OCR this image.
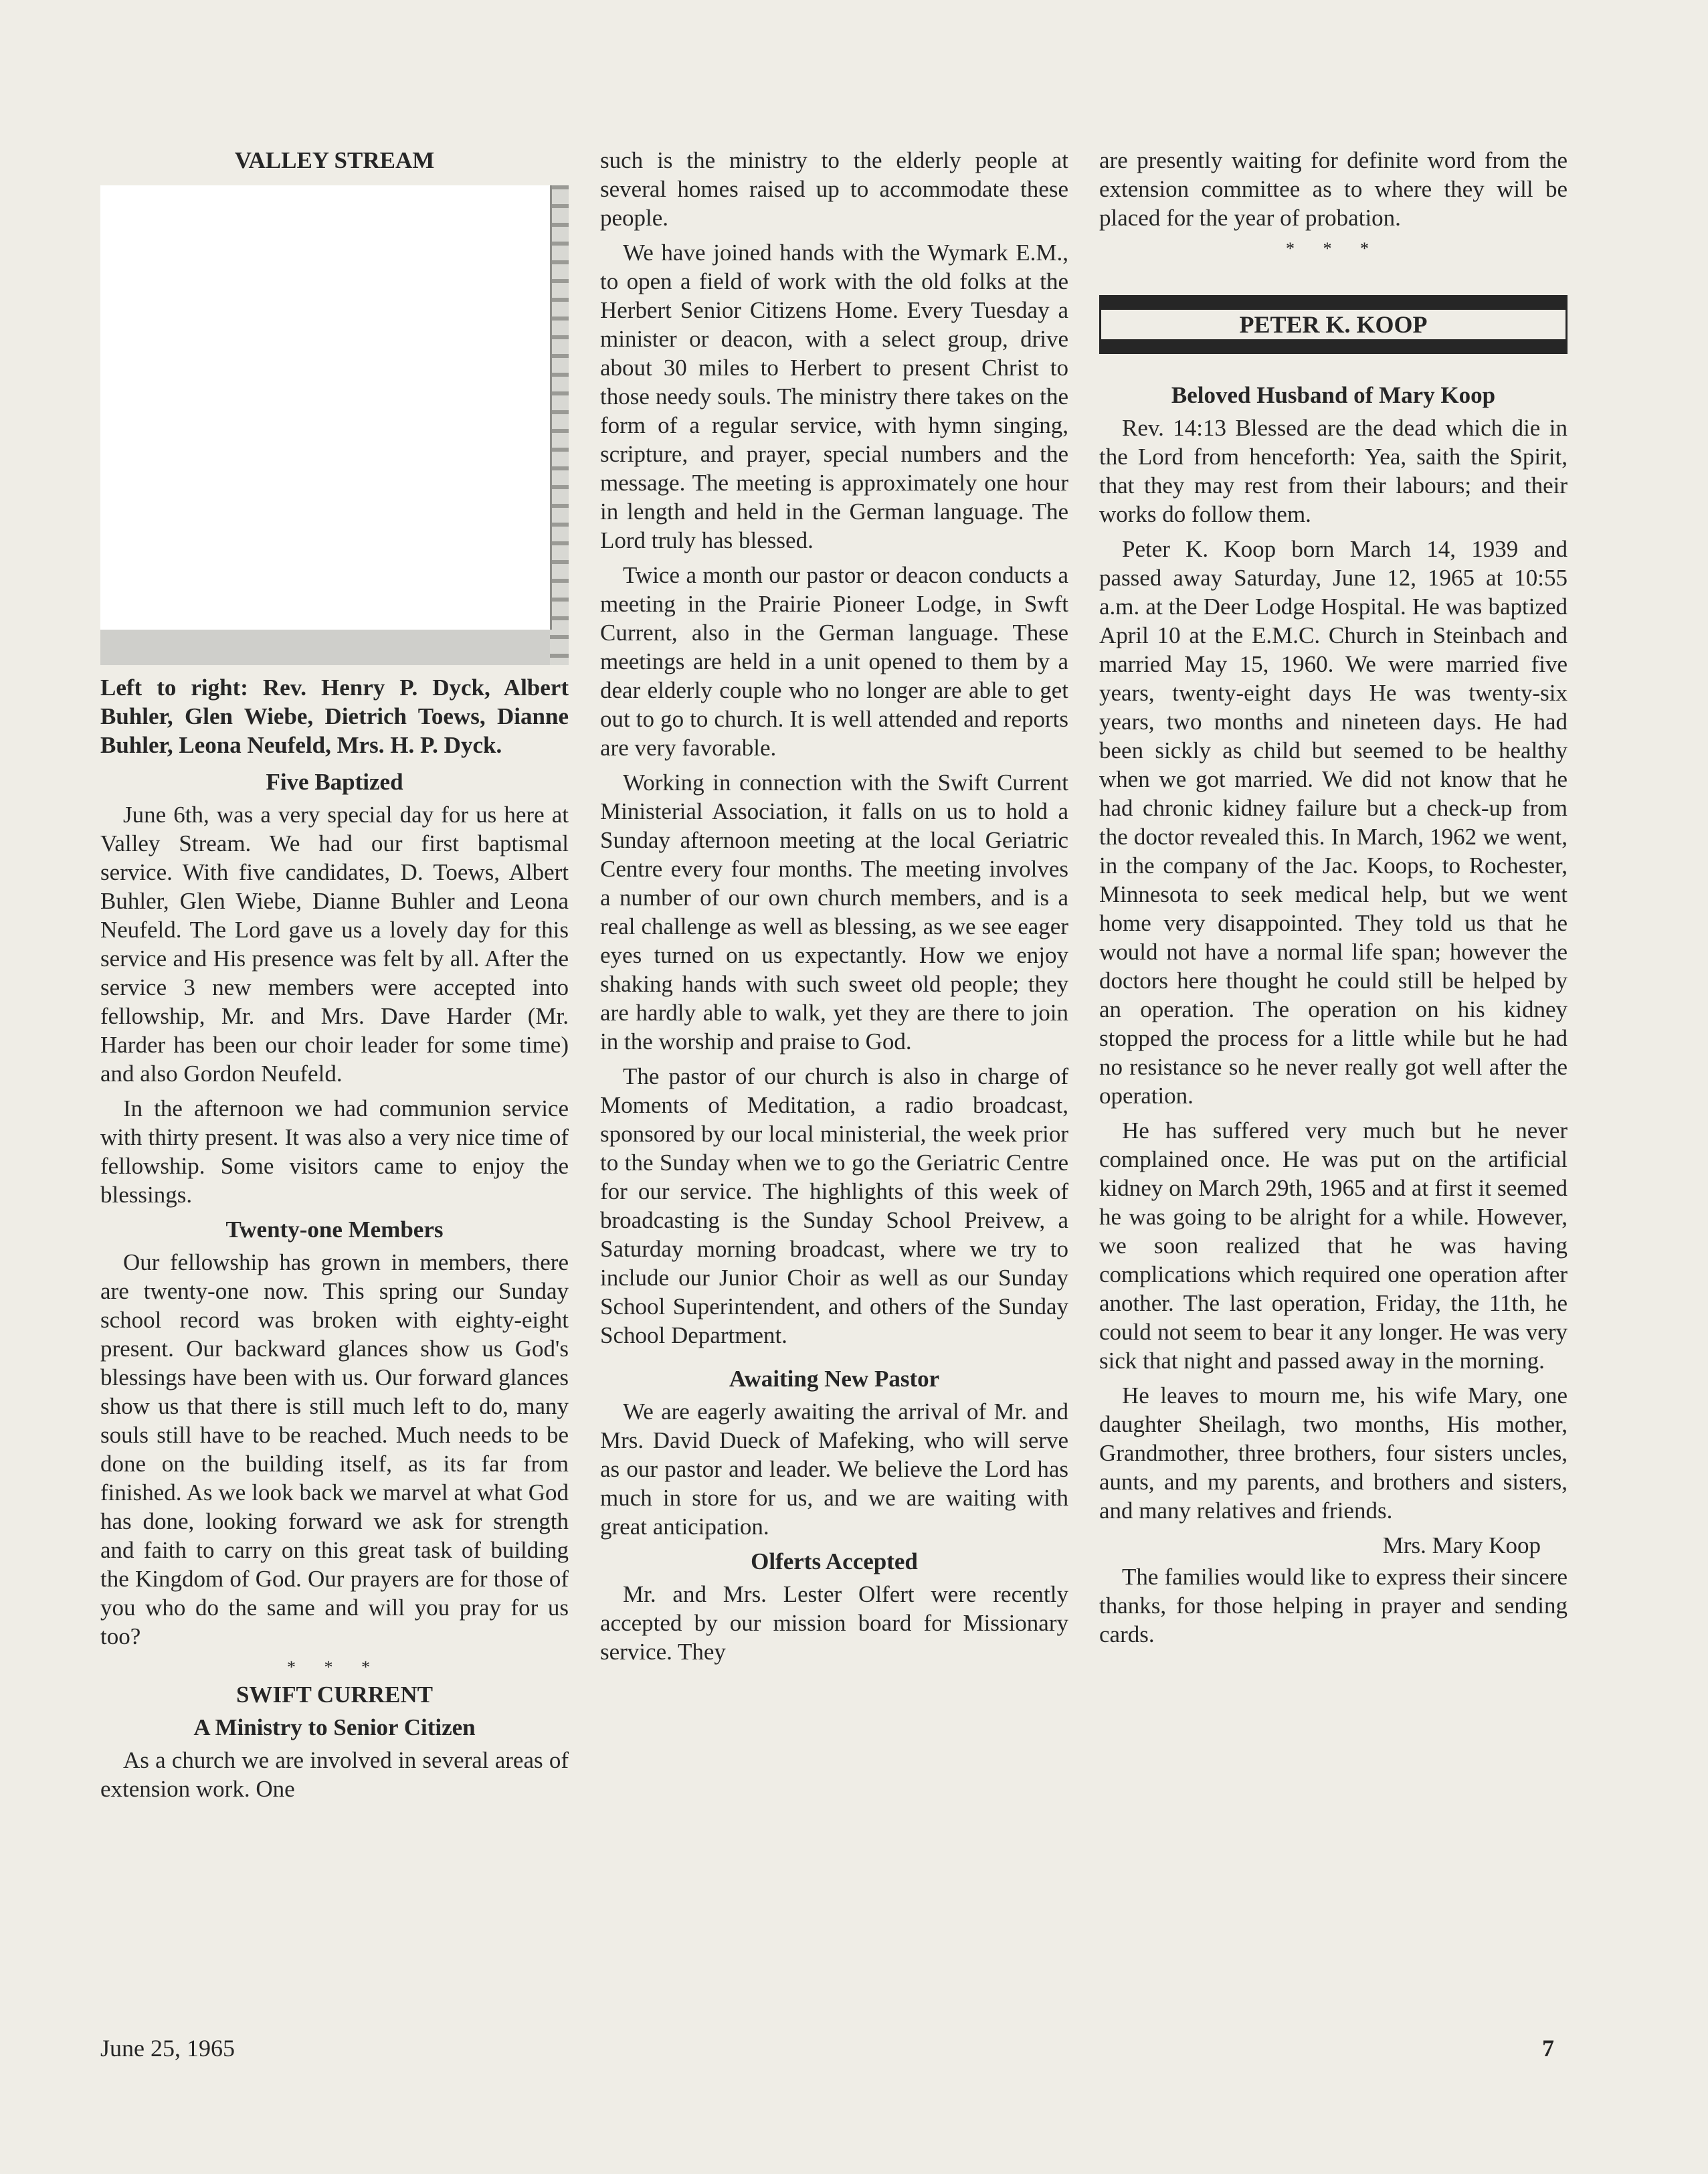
VALLEY STREAM
Left to right: Rev. Henry P. Dyck, Albert Buhler, Glen Wiebe, Dietrich Toews, Dianne Buhler, Leona Neufeld, Mrs. H. P. Dyck.
Five Baptized

June 6th, was a very special day for us here at Valley Stream. We had our first baptismal service. With five candidates, D. Toews, Albert Buhler, Glen Wiebe, Dianne Buhler and Leona Neufeld. The Lord gave us a lovely day for this service and His presence was felt by all. After the service 3 new members were accepted into fellowship, Mr. and Mrs. Dave Harder (Mr. Harder has been our choir leader for some time) and also Gordon Neufeld.

In the afternoon we had communion service with thirty present. It was also a very nice time of fellowship. Some visitors came to enjoy the blessings.

Twenty-one Members

Our fellowship has grown in members, there are twenty-one now. This spring our Sunday school record was broken with eighty-eight present. Our backward glances show us God's blessings have been with us. Our forward glances show us that there is still much left to do, many souls still have to be reached. Much needs to be done on the building itself, as its far from finished. As we look back we marvel at what God has done, looking forward we ask for strength and faith to carry on this great task of building the Kingdom of God. Our prayers are for those of you who do the same and will you pray for us too?

* * *
SWIFT CURRENT
A Ministry to Senior Citizen

As a church we are involved in several areas of extension work. One

such is the ministry to the elderly people at several homes raised up to accommodate these people.

We have joined hands with the Wymark E.M., to open a field of work with the old folks at the Herbert Senior Citizens Home. Every Tuesday a minister or deacon, with a select group, drive about 30 miles to Herbert to present Christ to those needy souls. The ministry there takes on the form of a regular service, with hymn singing, scripture, and prayer, special numbers and the message. The meeting is approximately one hour in length and held in the German language. The Lord truly has blessed.

Twice a month our pastor or deacon conducts a meeting in the Prairie Pioneer Lodge, in Swft Current, also in the German language. These meetings are held in a unit opened to them by a dear elderly couple who no longer are able to get out to go to church. It is well attended and reports are very favorable.

Working in connection with the Swift Current Ministerial Association, it falls on us to hold a Sunday afternoon meeting at the local Geriatric Centre every four months. The meeting involves a number of our own church members, and is a real challenge as well as blessing, as we see eager eyes turned on us expectantly. How we enjoy shaking hands with such sweet old people; they are hardly able to walk, yet they are there to join in the worship and praise to God.

The pastor of our church is also in charge of Moments of Meditation, a radio broadcast, sponsored by our local ministerial, the week prior to the Sunday when we to go the Geriatric Centre for our service. The highlights of this week of broadcasting is the Sunday School Preivew, a Saturday morning broadcast, where we try to include our Junior Choir as well as our Sunday School Superintendent, and others of the Sunday School Department.

Awaiting New Pastor

We are eagerly awaiting the arrival of Mr. and Mrs. David Dueck of Mafeking, who will serve as our pastor and leader. We believe the Lord has much in store for us, and we are waiting with great anticipation.

Olferts Accepted

Mr. and Mrs. Lester Olfert were recently accepted by our mission board for Missionary service. They

are presently waiting for definite word from the extension committee as to where they will be placed for the year of probation.

* * *
PETER K. KOOP
Beloved Husband of Mary Koop

Rev. 14:13 Blessed are the dead which die in the Lord from henceforth: Yea, saith the Spirit, that they may rest from their labours; and their works do follow them.

Peter K. Koop born March 14, 1939 and passed away Saturday, June 12, 1965 at 10:55 a.m. at the Deer Lodge Hospital. He was baptized April 10 at the E.M.C. Church in Steinbach and married May 15, 1960. We were married five years, twenty-eight days He was twenty-six years, two months and nineteen days. He had been sickly as child but seemed to be healthy when we got married. We did not know that he had chronic kidney failure but a check-up from the doctor revealed this. In March, 1962 we went, in the company of the Jac. Koops, to Rochester, Minnesota to seek medical help, but we went home very disappointed. They told us that he would not have a normal life span; however the doctors here thought he could still be helped by an operation. The operation on his kidney stopped the process for a little while but he had no resistance so he never really got well after the operation.

He has suffered very much but he never complained once. He was put on the artificial kidney on March 29th, 1965 and at first it seemed he was going to be alright for a while. However, we soon realized that he was having complications which required one operation after another. The last operation, Friday, the 11th, he could not seem to bear it any longer. He was very sick that night and passed away in the morning.

He leaves to mourn me, his wife Mary, one daughter Sheilagh, two months, His mother, Grandmother, three brothers, four sisters uncles, aunts, and my parents, and brothers and sisters, and many relatives and friends.

Mrs. Mary Koop

The families would like to express their sincere thanks, for those helping in prayer and sending cards.

June 25, 1965	7
